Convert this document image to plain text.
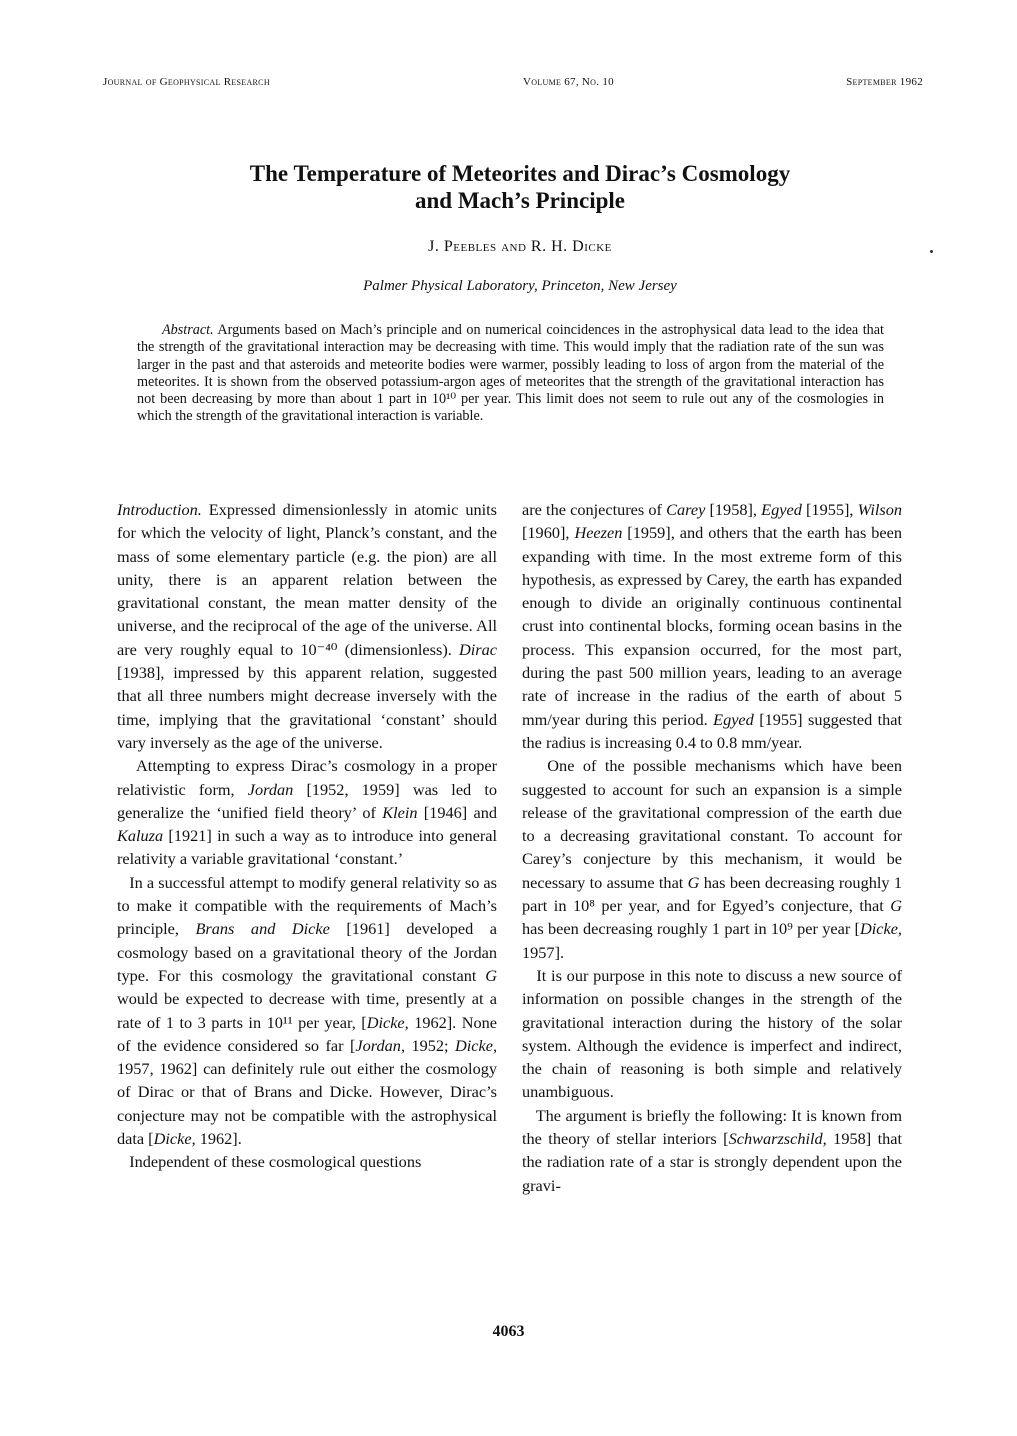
Journal of Geophysical Research	Volume 67, No. 10	September 1962
The Temperature of Meteorites and Dirac’s Cosmology
and Mach’s Principle
J. Peebles and R. H. Dicke
Palmer Physical Laboratory, Princeton, New Jersey
Abstract. Arguments based on Mach’s principle and on numerical coincidences in the astrophysical data lead to the idea that the strength of the gravitational interaction may be decreasing with time. This would imply that the radiation rate of the sun was larger in the past and that asteroids and meteorite bodies were warmer, possibly leading to loss of argon from the material of the meteorites. It is shown from the observed potassium-argon ages of meteorites that the strength of the gravitational interaction has not been decreasing by more than about 1 part in 10¹⁰ per year. This limit does not seem to rule out any of the cosmologies in which the strength of the gravitational interaction is variable.

Introduction. Expressed dimensionlessly in atomic units for which the velocity of light, Planck’s constant, and the mass of some elementary particle (e.g. the pion) are all unity, there is an apparent relation between the gravitational constant, the mean matter density of the universe, and the reciprocal of the age of the universe. All are very roughly equal to 10⁻⁴⁰ (dimensionless). Dirac [1938], impressed by this apparent relation, suggested that all three numbers might decrease inversely with the time, implying that the gravitational ‘constant’ should vary inversely as the age of the universe.

Attempting to express Dirac’s cosmology in a proper relativistic form, Jordan [1952, 1959] was led to generalize the ‘unified field theory’ of Klein [1946] and Kaluza [1921] in such a way as to introduce into general relativity a variable gravitational ‘constant.’

In a successful attempt to modify general relativity so as to make it compatible with the requirements of Mach’s principle, Brans and Dicke [1961] developed a cosmology based on a gravitational theory of the Jordan type. For this cosmology the gravitational constant G would be expected to decrease with time, presently at a rate of 1 to 3 parts in 10¹¹ per year, [Dicke, 1962]. None of the evidence considered so far [Jordan, 1952; Dicke, 1957, 1962] can definitely rule out either the cosmology of Dirac or that of Brans and Dicke. However, Dirac’s conjecture may not be compatible with the astrophysical data [Dicke, 1962].

Independent of these cosmological questions

are the conjectures of Carey [1958], Egyed [1955], Wilson [1960], Heezen [1959], and others that the earth has been expanding with time. In the most extreme form of this hypothesis, as expressed by Carey, the earth has expanded enough to divide an originally continuous continental crust into continental blocks, forming ocean basins in the process. This expansion occurred, for the most part, during the past 500 million years, leading to an average rate of increase in the radius of the earth of about 5 mm/year during this period. Egyed [1955] suggested that the radius is increasing 0.4 to 0.8 mm/year.

One of the possible mechanisms which have been suggested to account for such an expansion is a simple release of the gravitational compression of the earth due to a decreasing gravitational constant. To account for Carey’s conjecture by this mechanism, it would be necessary to assume that G has been decreasing roughly 1 part in 10⁸ per year, and for Egyed’s conjecture, that G has been decreasing roughly 1 part in 10⁹ per year [Dicke, 1957].

It is our purpose in this note to discuss a new source of information on possible changes in the strength of the gravitational interaction during the history of the solar system. Although the evidence is imperfect and indirect, the chain of reasoning is both simple and relatively unambiguous.

The argument is briefly the following: It is known from the theory of stellar interiors [Schwarzschild, 1958] that the radiation rate of a star is strongly dependent upon the gravi-

4063
